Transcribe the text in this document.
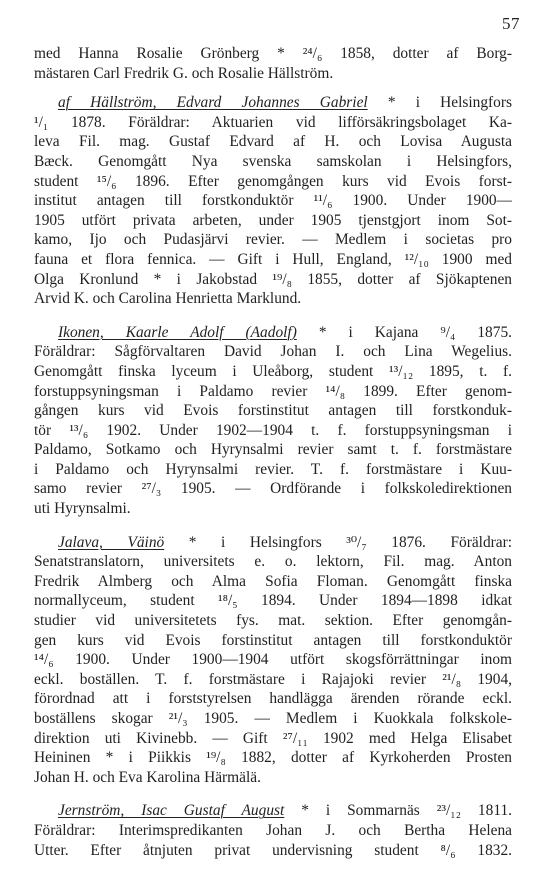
57
med Hanna Rosalie Grönberg * ²⁴/₆ 1858, dotter af Borg-
mästaren Carl Fredrik G. och Rosalie Hällström.
af Hällström, Edvard Johannes Gabriel * i Helsingfors
¹/₁ 1878. Föräldrar: Aktuarien vid lifförsäkringsbolaget Ka-
leva Fil. mag. Gustaf Edvard af H. och Lovisa Augusta
Bæck. Genomgått Nya svenska samskolan i Helsingfors,
student ¹⁵/₆ 1896. Efter genomgången kurs vid Evois forst-
institut antagen till forstkonduktör ¹¹/₆ 1900. Under 1900—
1905 utfört privata arbeten, under 1905 tjenstgjort inom Sot-
kamo, Ijo och Pudasjärvi revier. — Medlem i societas pro
fauna et flora fennica. — Gift i Hull, England, ¹²/₁₀ 1900 med
Olga Kronlund * i Jakobstad ¹⁹/₈ 1855, dotter af Sjökaptenen
Arvid K. och Carolina Henrietta Marklund.
Ikonen, Kaarle Adolf (Aadolf) * i Kajana ⁹/₄ 1875.
Föräldrar: Sågförvaltaren David Johan I. och Lina Wegelius.
Genomgått finska lyceum i Uleåborg, student ¹³/₁₂ 1895, t. f.
forstuppsyningsman i Paldamo revier ¹⁴/₈ 1899. Efter genom-
gången kurs vid Evois forstinstitut antagen till forstkonduk-
tör ¹³/₆ 1902. Under 1902—1904 t. f. forstuppsyningsman i
Paldamo, Sotkamo och Hyrynsalmi revier samt t. f. forstmästare
i Paldamo och Hyrynsalmi revier. T. f. forstmästare i Kuu-
samo revier ²⁷/₃ 1905. — Ordförande i folkskoledirektionen
uti Hyrynsalmi.
Jalava, Väinö * i Helsingfors ³⁰/₇ 1876. Föräldrar:
Senatstranslatorn, universitets e. o. lektorn, Fil. mag. Anton
Fredrik Almberg och Alma Sofia Floman. Genomgått finska
normallyceum, student ¹⁸/₅ 1894. Under 1894—1898 idkat
studier vid universitetets fys. mat. sektion. Efter genomgån-
gen kurs vid Evois forstinstitut antagen till forstkonduktör
¹⁴/₆ 1900. Under 1900—1904 utfört skogsförrättningar inom
eckl. boställen. T. f. forstmästare i Rajajoki revier ²¹/₈ 1904,
förordnad att i forststyrelsen handlägga ärenden rörande eckl.
boställens skogar ²¹/₃ 1905. — Medlem i Kuokkala folkskole-
direktion uti Kivinebb. — Gift ²⁷/₁₁ 1902 med Helga Elisabet
Heininen * i Piikkis ¹⁹/₈ 1882, dotter af Kyrkoherden Prosten
Johan H. och Eva Karolina Härmälä.
Jernström, Isac Gustaf August * i Sommarnäs ²³/₁₂ 1811.
Föräldrar: Interimspredikanten Johan J. och Bertha Helena
Utter. Efter åtnjuten privat undervisning student ⁸/₆ 1832.
